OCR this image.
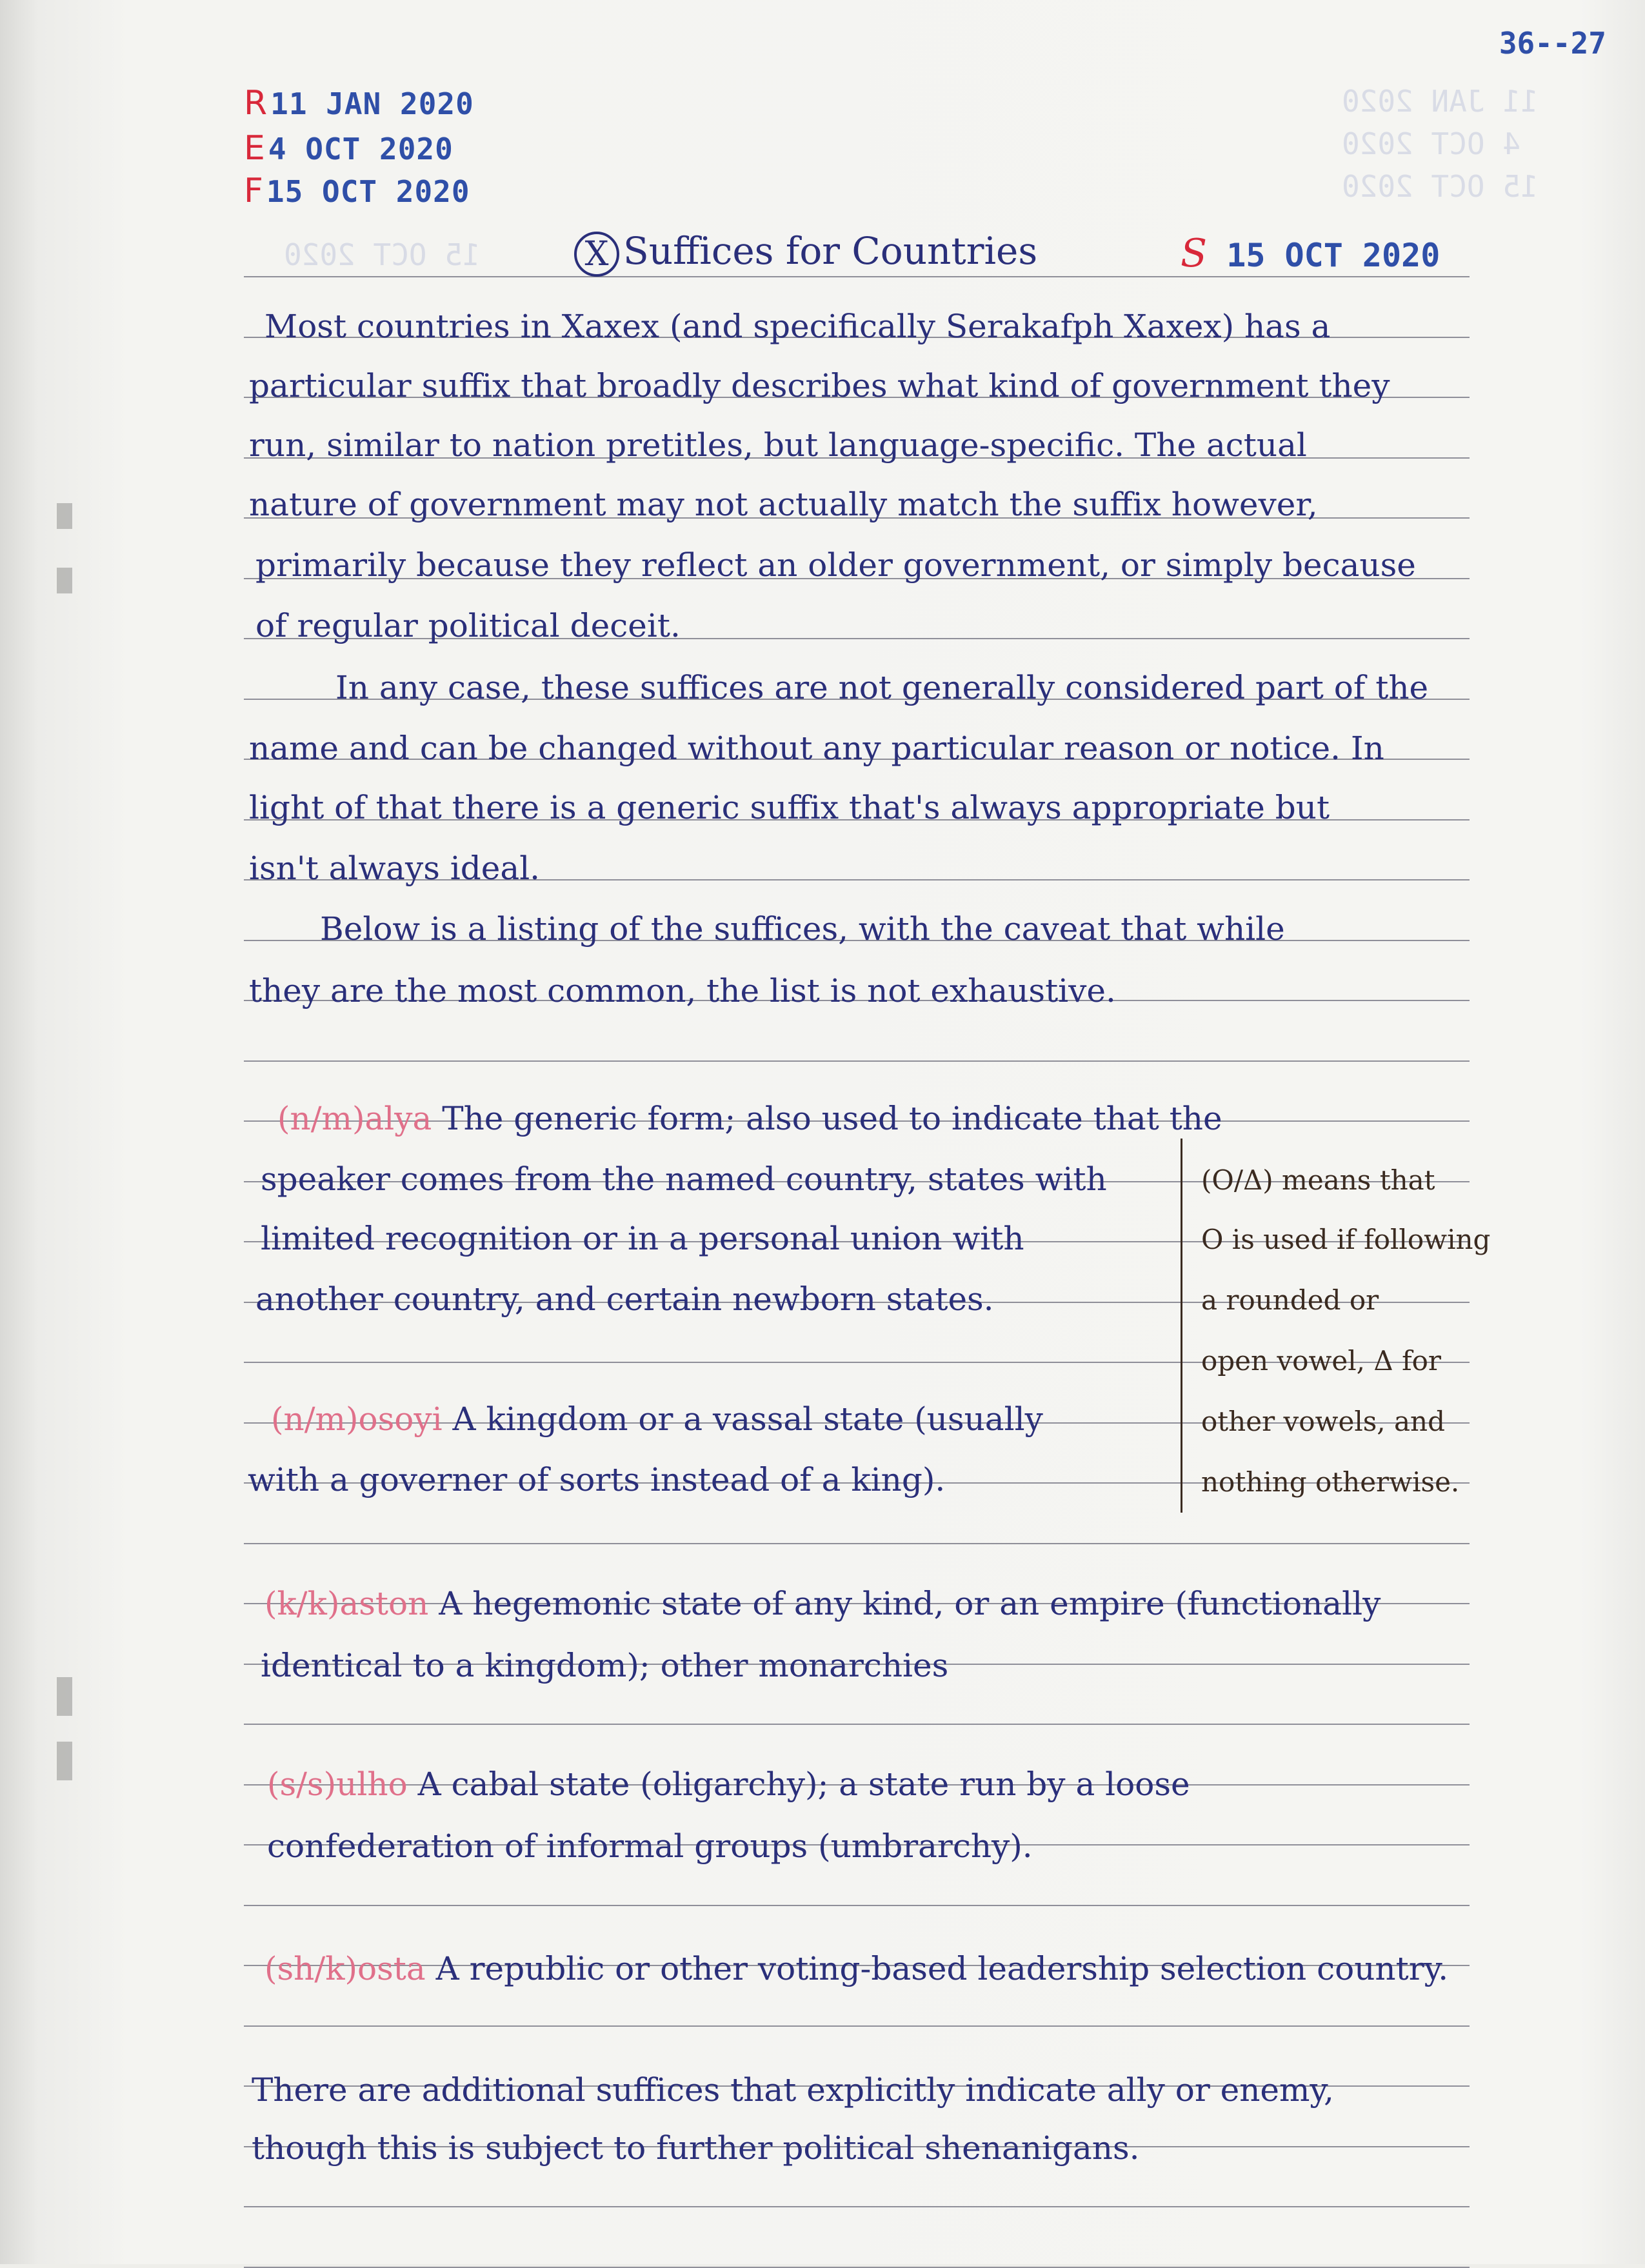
36--27
R11 JAN 2020
E4 OCT 2020
F15 OCT 2020
11 JAN 2020
4 OCT 2020
15 OCT 2020
15 OCT 2020	X Suffices for Countries	S 15 OCT 2020
Most countries in Xaxex (and specifically Serakafph Xaxex) has a
particular suffix that broadly describes what kind of government they
run, similar to nation pretitles, but language-specific. The actual
nature of government may not actually match the suffix however,
primarily because they reflect an older government, or simply because
of regular political deceit.
In any case, these suffices are not generally considered part of the
name and can be changed without any particular reason or notice. In
light of that there is a generic suffix that's always appropriate but
isn't always ideal.
Below is a listing of the suffices, with the caveat that while
they are the most common, the list is not exhaustive.
(n/m)alya The generic form; also used to indicate that the
speaker comes from the named country, states with
limited recognition or in a personal union with
another country, and certain newborn states.
(n/m)osoyi A kingdom or a vassal state (usually
with a governer of sorts instead of a king).
(O/Δ) means that
O is used if following
a rounded or
open vowel, Δ for
other vowels, and
nothing otherwise.
(k/k)aston A hegemonic state of any kind, or an empire (functionally
identical to a kingdom); other monarchies
(s/s)ulho A cabal state (oligarchy); a state run by a loose
confederation of informal groups (umbrarchy).
(sh/k)osta A republic or other voting-based leadership selection country.
There are additional suffices that explicitly indicate ally or enemy,
though this is subject to further political shenanigans.
